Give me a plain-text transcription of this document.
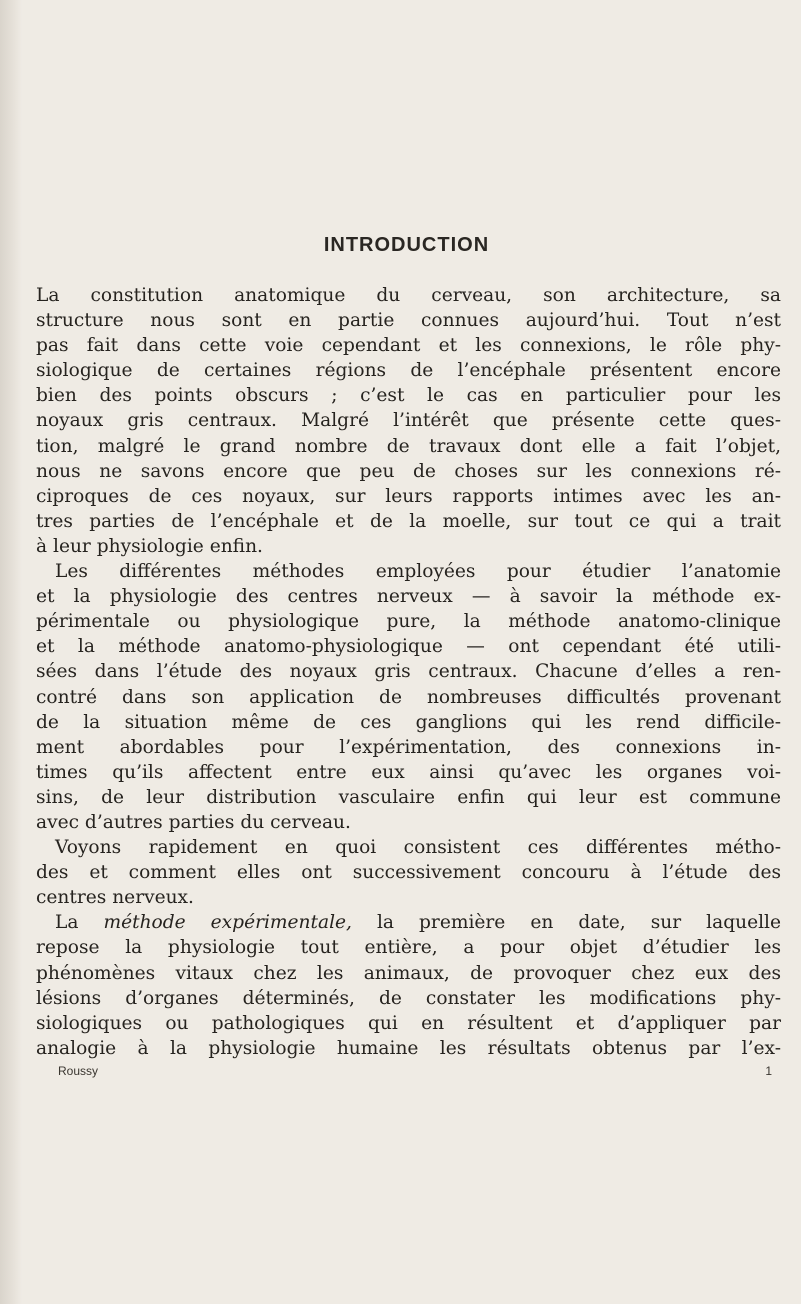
INTRODUCTION
La constitution anatomique du cerveau, son architecture, sa
structure nous sont en partie connues aujourd’hui. Tout n’est
pas fait dans cette voie cependant et les connexions, le rôle phy-
siologique de certaines régions de l’encéphale présentent encore
bien des points obscurs ; c’est le cas en particulier pour les
noyaux gris centraux. Malgré l’intérêt que présente cette ques-
tion, malgré le grand nombre de travaux dont elle a fait l’objet,
nous ne savons encore que peu de choses sur les connexions ré-
ciproques de ces noyaux, sur leurs rapports intimes avec les an-
tres parties de l’encéphale et de la moelle, sur tout ce qui a trait
à leur physiologie enfin.
Les différentes méthodes employées pour étudier l’anatomie
et la physiologie des centres nerveux — à savoir la méthode ex-
périmentale ou physiologique pure, la méthode anatomo-clinique
et la méthode anatomo-physiologique — ont cependant été utili-
sées dans l’étude des noyaux gris centraux. Chacune d’elles a ren-
contré dans son application de nombreuses difficultés provenant
de la situation même de ces ganglions qui les rend difficile-
ment abordables pour l’expérimentation, des connexions in-
times qu’ils affectent entre eux ainsi qu’avec les organes voi-
sins, de leur distribution vasculaire enfin qui leur est commune
avec d’autres parties du cerveau.
Voyons rapidement en quoi consistent ces différentes métho-
des et comment elles ont successivement concouru à l’étude des
centres nerveux.
La méthode expérimentale, la première en date, sur laquelle
repose la physiologie tout entière, a pour objet d’étudier les
phénomènes vitaux chez les animaux, de provoquer chez eux des
lésions d’organes déterminés, de constater les modifications phy-
siologiques ou pathologiques qui en résultent et d’appliquer par
analogie à la physiologie humaine les résultats obtenus par l’ex-
Roussy	1
